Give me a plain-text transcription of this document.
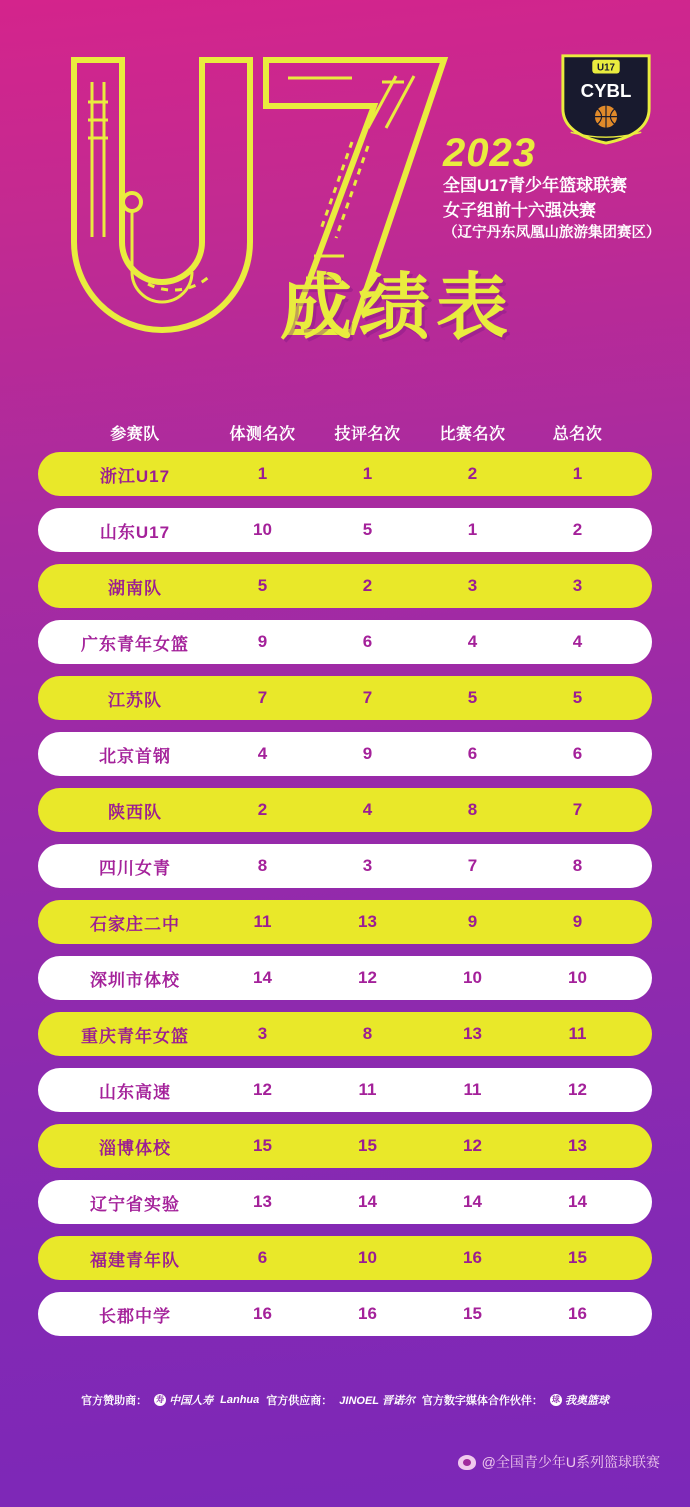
U17
CYBL
2023
全国U17青少年篮球联赛
女子组前十六强决赛
（辽宁丹东凤凰山旅游集团赛区）
成绩表
参赛队	体测名次	技评名次	比赛名次	总名次
浙江U17	1	1	2	1
山东U17	10	5	1	2
湖南队	5	2	3	3
广东青年女篮	9	6	4	4
江苏队	7	7	5	5
北京首钢	4	9	6	6
陕西队	2	4	8	7
四川女青	8	3	7	8
石家庄二中	11	13	9	9
深圳市体校	14	12	10	10
重庆青年女篮	3	8	13	11
山东高速	12	11	11	12
淄博体校	15	15	12	13
辽宁省实验	13	14	14	14
福建青年队	6	10	16	15
长郡中学	16	16	15	16
官方赞助商： 寿 中国人寿 Lanhua 官方供应商： JINOEL 晋诺尔 官方数字媒体合作伙伴： 球 我奥篮球
@全国青少年U系列篮球联赛
